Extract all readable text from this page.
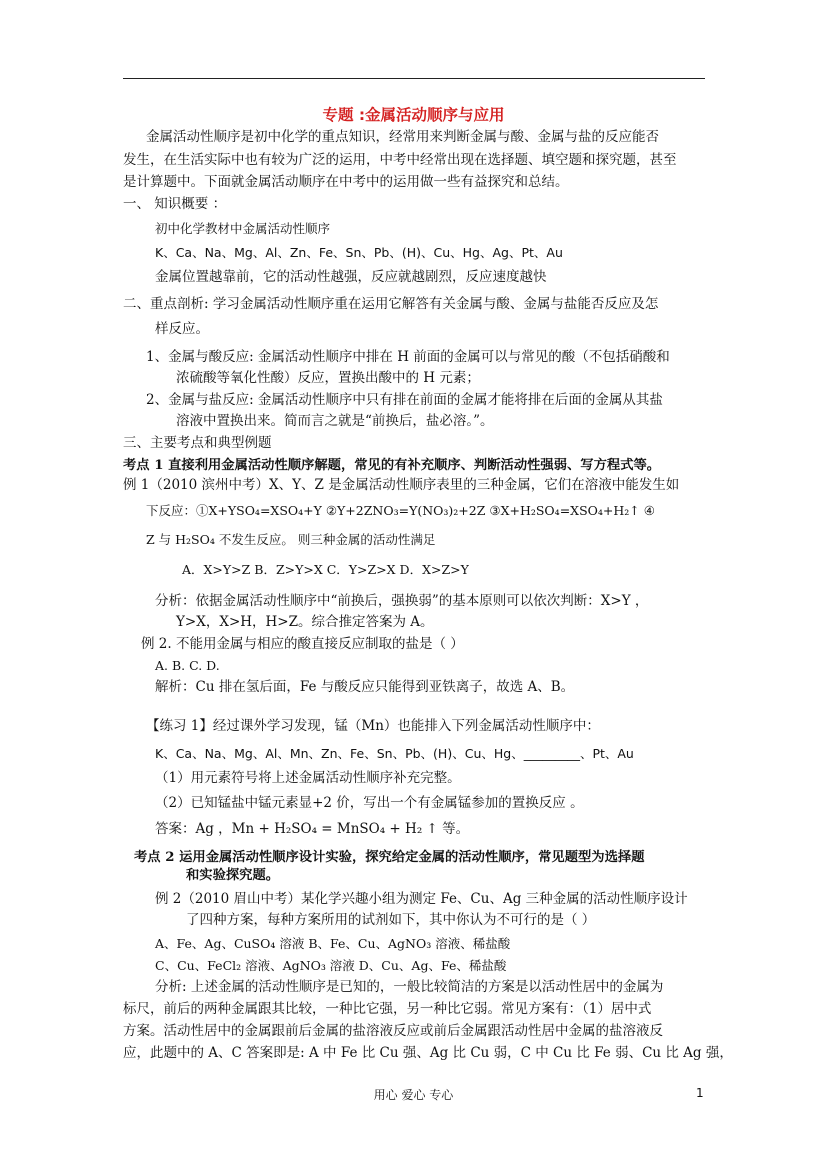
专题 :金属活动顺序与应用
金属活动性顺序是初中化学的重点知识，经常用来判断金属与酸、金属与盐的反应能否
发生，在生活实际中也有较为广泛的运用，中考中经常出现在选择题、填空题和探究题，甚至
是计算题中。下面就金属活动顺序在中考中的运用做一些有益探究和总结。
一、 知识概要 ：
初中化学教材中金属活动性顺序
K、Ca、Na、Mg、Al、Zn、Fe、Sn、Pb、(H)、Cu、Hg、Ag、Pt、Au
金属位置越靠前，它的活动性越强，反应就越剧烈，反应速度越快
二、重点剖析: 学习金属活动性顺序重在运用它解答有关金属与酸、金属与盐能否反应及怎
样反应。
1、金属与酸反应: 金属活动性顺序中排在 H 前面的金属可以与常见的酸（不包括硝酸和
浓硫酸等氧化性酸）反应，置换出酸中的 H 元素；
2、金属与盐反应: 金属活动性顺序中只有排在前面的金属才能将排在后面的金属从其盐
溶液中置换出来。简而言之就是“前换后，盐必溶。”。
三、主要考点和典型例题
考点 1 直接利用金属活动性顺序解题，常见的有补充顺序、判断活动性强弱、写方程式等。
例 1（2010 滨州中考）X、Y、Z 是金属活动性顺序表里的三种金属，它们在溶液中能发生如
下反应：①X+YSO₄=XSO₄+Y ②Y+2ZNO₃=Y(NO₃)₂+2Z ③X+H₂SO₄=XSO₄+H₂↑ ④
Z 与 H₂SO₄ 不发生反应。 则三种金属的活动性满足
A．X>Y>Z B．Z>Y>X C．Y>Z>X D．X>Z>Y
分析：依据金属活动性顺序中“前换后，强换弱”的基本原则可以依次判断：X>Y ，
Y>X，X>H，H>Z。综合推定答案为 A。
例 2. 不能用金属与相应的酸直接反应制取的盐是（ ）
A. B. C. D.
解析：Cu 排在氢后面，Fe 与酸反应只能得到亚铁离子，故选 A、B。
【练习 1】经过课外学习发现，锰（Mn）也能排入下列金属活动性顺序中：
K、Ca、Na、Mg、Al、Mn、Zn、Fe、Sn、Pb、(H)、Cu、Hg、_________、Pt、Au
（1）用元素符号将上述金属活动性顺序补充完整。
（2）已知锰盐中锰元素显+2 价，写出一个有金属锰参加的置换反应 。
答案：Ag ，Mn + H₂SO₄ = MnSO₄ + H₂ ↑ 等。
考点 2 运用金属活动性顺序设计实验，探究给定金属的活动性顺序，常见题型为选择题
和实验探究题。
例 2（2010 眉山中考）某化学兴趣小组为测定 Fe、Cu、Ag 三种金属的活动性顺序设计
了四种方案，每种方案所用的试剂如下，其中你认为不可行的是（ ）
A、Fe、Ag、CuSO₄ 溶液 B、Fe、Cu、AgNO₃ 溶液、稀盐酸
C、Cu、FeCl₂ 溶液、AgNO₃ 溶液 D、Cu、Ag、Fe、稀盐酸
分析: 上述金属的活动性顺序是已知的，一般比较简洁的方案是以活动性居中的金属为
标尺，前后的两种金属跟其比较，一种比它强，另一种比它弱。常见方案有：（1）居中式
方案。活动性居中的金属跟前后金属的盐溶液反应或前后金属跟活动性居中金属的盐溶液反
应，此题中的 A、C 答案即是: A 中 Fe 比 Cu 强、Ag 比 Cu 弱，C 中 Cu 比 Fe 弱、Cu 比 Ag 强，
用心 爱心 专心	1
